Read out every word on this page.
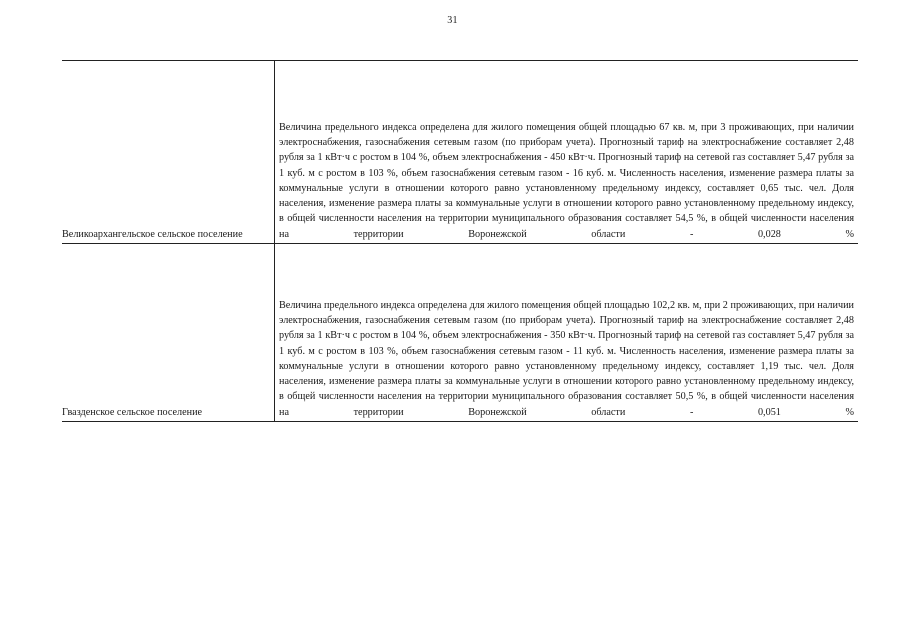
31

Великоархангельское сельское поселение	Величина предельного индекса определена для жилого помещения общей площадью 67 кв. м, при 3 проживающих, при наличии электроснабжения, газоснабжения сетевым газом (по приборам учета). Прогнозный тариф на электроснабжение составляет 2,48 рубля за 1 кВт·ч с ростом в 104 %, объем электроснабжения - 450 кВт·ч. Прогнозный тариф на сетевой газ составляет 5,47 рубля за 1 куб. м с ростом в 103 %, объем газоснабжения сетевым газом - 16 куб. м. Численность населения, изменение размера платы за коммунальные услуги в отношении которого равно установленному предельному индексу, составляет 0,65 тыс. чел. Доля населения, изменение размера платы за коммунальные услуги в отношении которого равно установленному предельному индексу, в общей численности населения на территории муниципального образования составляет 54,5 %, в общей численности населения на территории Воронежской области - 0,028 %

Гвазденское сельское поселение	Величина предельного индекса определена для жилого помещения общей площадью 102,2 кв. м, при 2 проживающих, при наличии электроснабжения, газоснабжения сетевым газом (по приборам учета). Прогнозный тариф на электроснабжение составляет 2,48 рубля за 1 кВт·ч с ростом в 104 %, объем электроснабжения - 350 кВт·ч. Прогнозный тариф на сетевой газ составляет 5,47 рубля за 1 куб. м с ростом в 103 %, объем газоснабжения сетевым газом - 11 куб. м. Численность населения, изменение размера платы за коммунальные услуги в отношении которого равно установленному предельному индексу, составляет 1,19 тыс. чел. Доля населения, изменение размера платы за коммунальные услуги в отношении которого равно установленному предельному индексу, в общей численности населения на территории муниципального образования составляет 50,5 %, в общей численности населения на территории Воронежской области - 0,051 %
